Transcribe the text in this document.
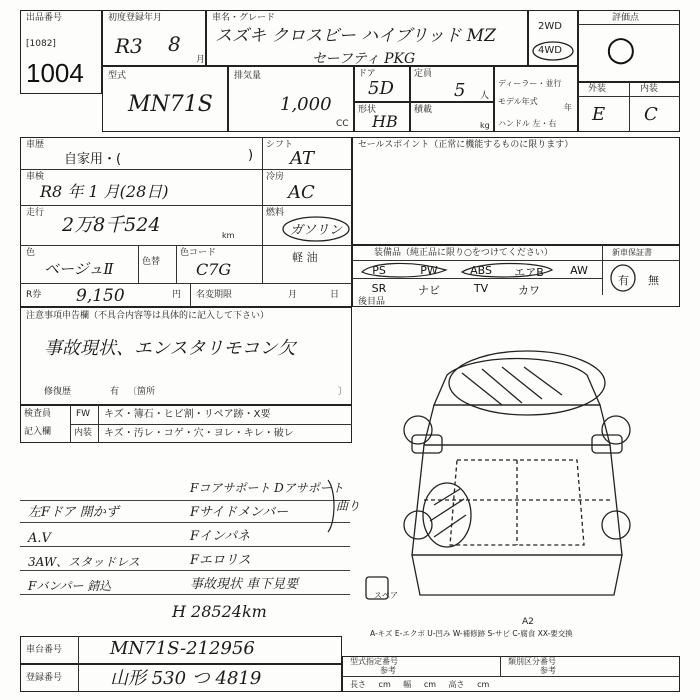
出品番号
[1082]
1004
初度登録年月
R3 8
月
車名・グレード
スズキ クロスビー ハイブリッド MZ
セーフティ PKG
2WD
4WD
評価点
○
型式
MN71S
排気量
1,000
CC
ドア
5D
定員
5 人
形状
HB
積載
kg
ディーラー・並行
モデル年式
年
ハンドル 左・右
外装	内装
E C
車歴
自家用・(	)
シフト
AT
車検
R8 年 1 月(28日)
冷房
AC
走行
2万8千524	km
燃料
ガソリン
軽 油
色
ベージュⅡ	色替
色コード
C7G
R券 9,150	円 名変期限	月	日
セールスポイント（正常に機能するものに限ります）
装備品（純正品に限り○をつけてください）	新車保証書
有 無
PS	PW	ABS	エアB	AW
SR	ナビ	TV	カワ
後目品
注意事項申告欄（不具合内容等は具体的に記入して下さい）
事故現状、エンスタリモコン欠
修復歴	有 〔箇所	〕
検査員
記入欄
FW キズ・簿石・ヒビ割・リペア跡・X要
内装 キズ・汚レ・コゲ・穴・ヨレ・キレ・破レ
Fコアサポート Dアサポート
左Fドア 開かず	Fサイドメンバー	曲り
A.V	Fインパネ
3AW、スタッドレス	Fエロリス
Fバンパー 錆込	事故現状 車下見要
H 28524km
スペア
A2
A-キズ E-エクボ U-凹み W-補修跡 S-サビ C-腐食 XX-要交換
車台番号	MN71S-212956
登録番号	山形 530 つ 4819
型式指定番号	類別区分番号
参考	参考
長さ cm 幅 cm 高さ cm
